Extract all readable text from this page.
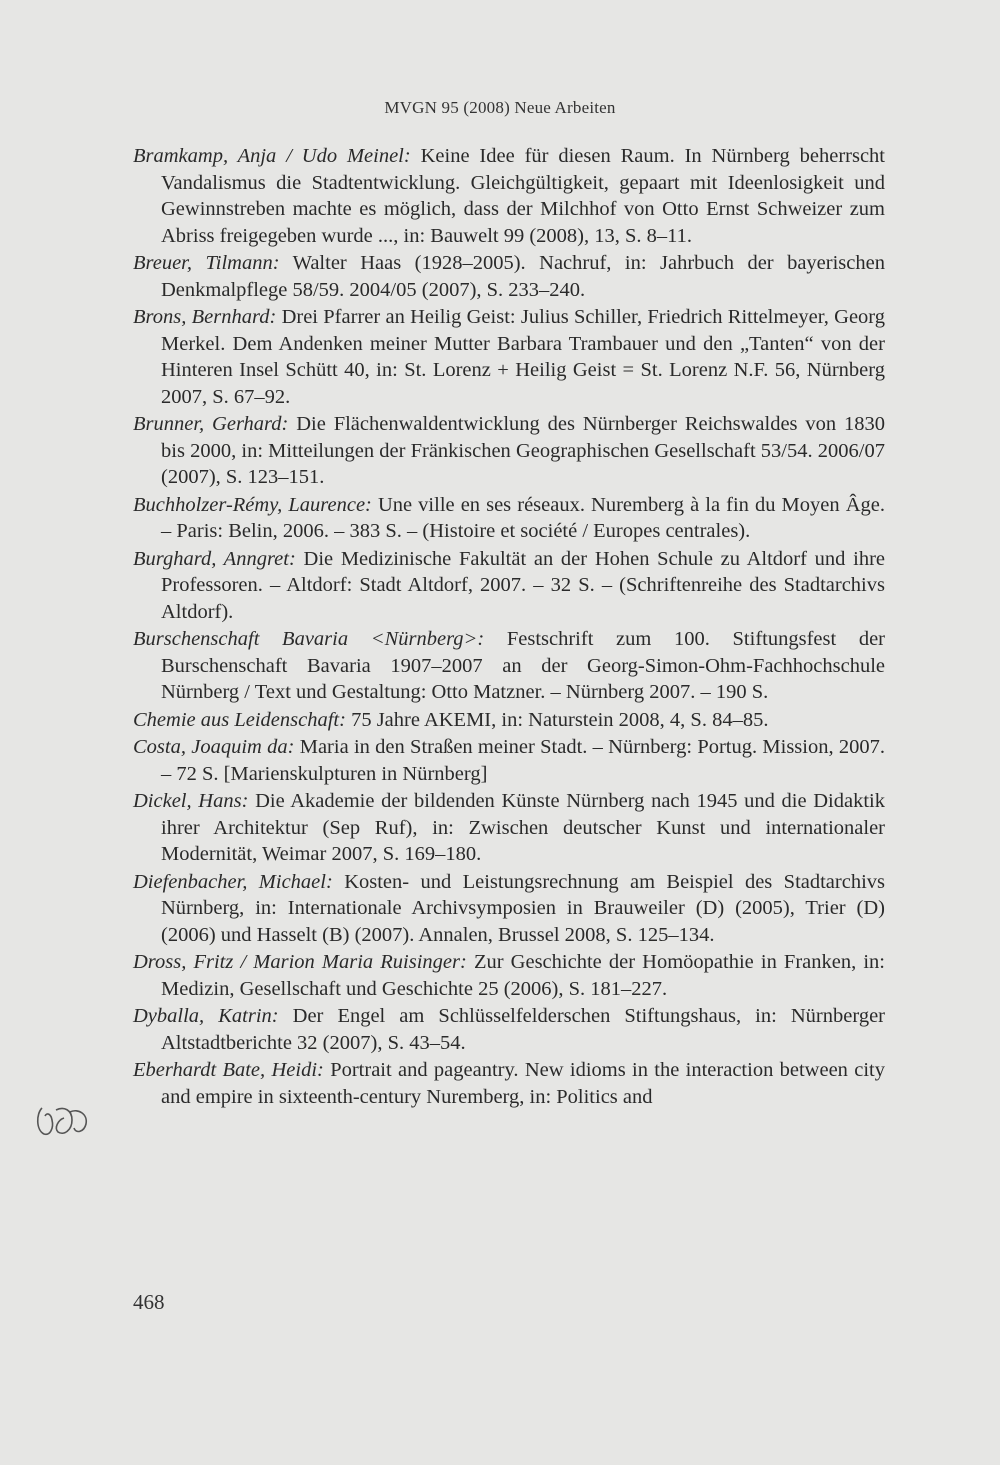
MVGN 95 (2008) Neue Arbeiten

Bramkamp, Anja / Udo Meinel: Keine Idee für diesen Raum. In Nürnberg beherrscht Vandalismus die Stadtentwicklung. Gleichgültigkeit, gepaart mit Ideenlosigkeit und Gewinnstreben machte es möglich, dass der Milchhof von Otto Ernst Schweizer zum Abriss freigegeben wurde ..., in: Bauwelt 99 (2008), 13, S. 8–11.

Breuer, Tilmann: Walter Haas (1928–2005). Nachruf, in: Jahrbuch der bayerischen Denkmalpflege 58/59. 2004/05 (2007), S. 233–240.

Brons, Bernhard: Drei Pfarrer an Heilig Geist: Julius Schiller, Friedrich Rittelmeyer, Georg Merkel. Dem Andenken meiner Mutter Barbara Trambauer und den „Tanten“ von der Hinteren Insel Schütt 40, in: St. Lorenz + Heilig Geist = St. Lorenz N.F. 56, Nürnberg 2007, S. 67–92.

Brunner, Gerhard: Die Flächenwaldentwicklung des Nürnberger Reichswaldes von 1830 bis 2000, in: Mitteilungen der Fränkischen Geographischen Gesellschaft 53/54. 2006/07 (2007), S. 123–151.

Buchholzer-Rémy, Laurence: Une ville en ses réseaux. Nuremberg à la fin du Moyen Âge. – Paris: Belin, 2006. – 383 S. – (Histoire et société / Europes centrales).

Burghard, Anngret: Die Medizinische Fakultät an der Hohen Schule zu Altdorf und ihre Professoren. – Altdorf: Stadt Altdorf, 2007. – 32 S. – (Schriftenreihe des Stadtarchivs Altdorf).

Burschenschaft Bavaria <Nürnberg>: Festschrift zum 100. Stiftungsfest der Burschenschaft Bavaria 1907–2007 an der Georg-Simon-Ohm-Fachhochschule Nürnberg / Text und Gestaltung: Otto Matzner. – Nürnberg 2007. – 190 S.

Chemie aus Leidenschaft: 75 Jahre AKEMI, in: Naturstein 2008, 4, S. 84–85.

Costa, Joaquim da: Maria in den Straßen meiner Stadt. – Nürnberg: Portug. Mission, 2007. – 72 S. [Marienskulpturen in Nürnberg]

Dickel, Hans: Die Akademie der bildenden Künste Nürnberg nach 1945 und die Didaktik ihrer Architektur (Sep Ruf), in: Zwischen deutscher Kunst und internationaler Modernität, Weimar 2007, S. 169–180.

Diefenbacher, Michael: Kosten- und Leistungsrechnung am Beispiel des Stadtarchivs Nürnberg, in: Internationale Archivsymposien in Brauweiler (D) (2005), Trier (D) (2006) und Hasselt (B) (2007). Annalen, Brussel 2008, S. 125–134.

Dross, Fritz / Marion Maria Ruisinger: Zur Geschichte der Homöopathie in Franken, in: Medizin, Gesellschaft und Geschichte 25 (2006), S. 181–227.

Dyballa, Katrin: Der Engel am Schlüsselfelderschen Stiftungshaus, in: Nürnberger Altstadtberichte 32 (2007), S. 43–54.

Eberhardt Bate, Heidi: Portrait and pageantry. New idioms in the interaction between city and empire in sixteenth-century Nuremberg, in: Politics and

468
